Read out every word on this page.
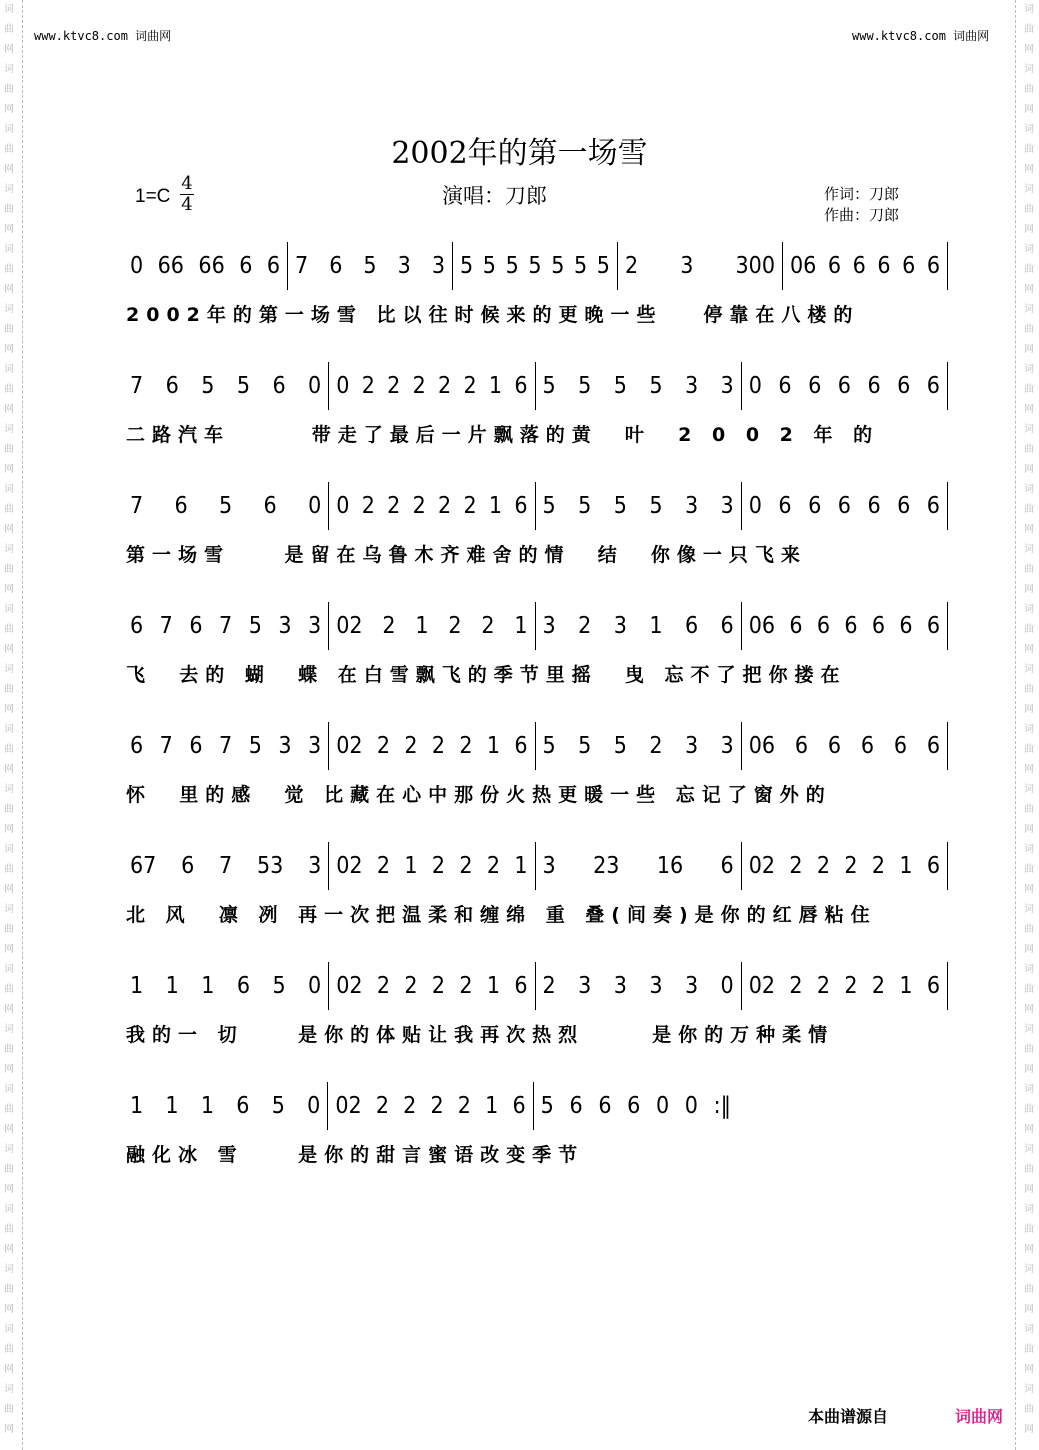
词
曲
网
词
曲
网
词
曲
网
词
曲
网
词
曲
网
词
曲
网
词
曲
网
词
曲
网
词
曲
网
词
曲
网
词
曲
网
词
曲
网
词
曲
网
词
曲
网
词
曲
网
词
曲
网
词
曲
网
词
曲
网
词
曲
网
词
曲
网
词
曲
网
词
曲
网
词
曲
网
词
曲
网
词
曲
网
词
曲
网
词
曲
网
词
曲
网
词
曲
网
词
曲
网
词
曲
网
词
曲
网
词
曲
网
词
曲
网
词
曲
网
词
曲
网
词
曲
网
词
曲
网
词
曲
网
词
曲
网
词
曲
网
词
曲
网
词
曲
网
词
曲
网
词
曲
网
词
曲
网
词
曲
网
词
曲
网
www.ktvc8.com 词曲网	www.ktvc8.com 词曲网
2002年的第一场雪
1=C
4
4	演唱：刀郎	作词：刀郎
作曲：刀郎
0 66 66 6 6 7 6 5 3 3 5 5 5 5 5 5 5 2 3 300 06 6 6 6 6 6
2002年的第一场雪 比以往时候来的更晚一些   停靠在八楼的
7 6 5 5 6 0 0 2 2 2 2 2 1 6 5 5 5 5 3 3 0 6 6 6 6 6 6
二路汽车      带走了最后一片飘落的黄  叶  2 0 0 2 年 的
7 6 5 6 0 0 2 2 2 2 2 1 6 5 5 5 5 3 3 0 6 6 6 6 6 6
第一场雪    是留在乌鲁木齐难舍的情  结  你像一只飞来
6 7 6 7 5 3 3 02 2 1 2 2 1 3 2 3 1 6 6 06 6 6 6 6 6 6
飞  去的 蝴  蝶 在白雪飘飞的季节里摇  曳 忘不了把你搂在
6 7 6 7 5 3 3 02 2 2 2 2 1 6 5 5 5 2 3 3 06 6 6 6 6 6
怀  里的感  觉 比藏在心中那份火热更暖一些 忘记了窗外的
67 6 7 53 3 02 2 1 2 2 2 1 3 23 16 6 02 2 2 2 2 1 6
北 风  凛 冽 再一次把温柔和缠绵 重 叠(间奏)是你的红唇粘住
1 1 1 6 5 0 02 2 2 2 2 1 6 2 3 3 3 3 0 02 2 2 2 2 1 6
我的一 切    是你的体贴让我再次热烈     是你的万种柔情
1 1 1 6 5 0 02 2 2 2 2 1 6 5 6 6 6 0 0 :‖
融化冰 雪    是你的甜言蜜语改变季节
本曲谱源自	词曲网
